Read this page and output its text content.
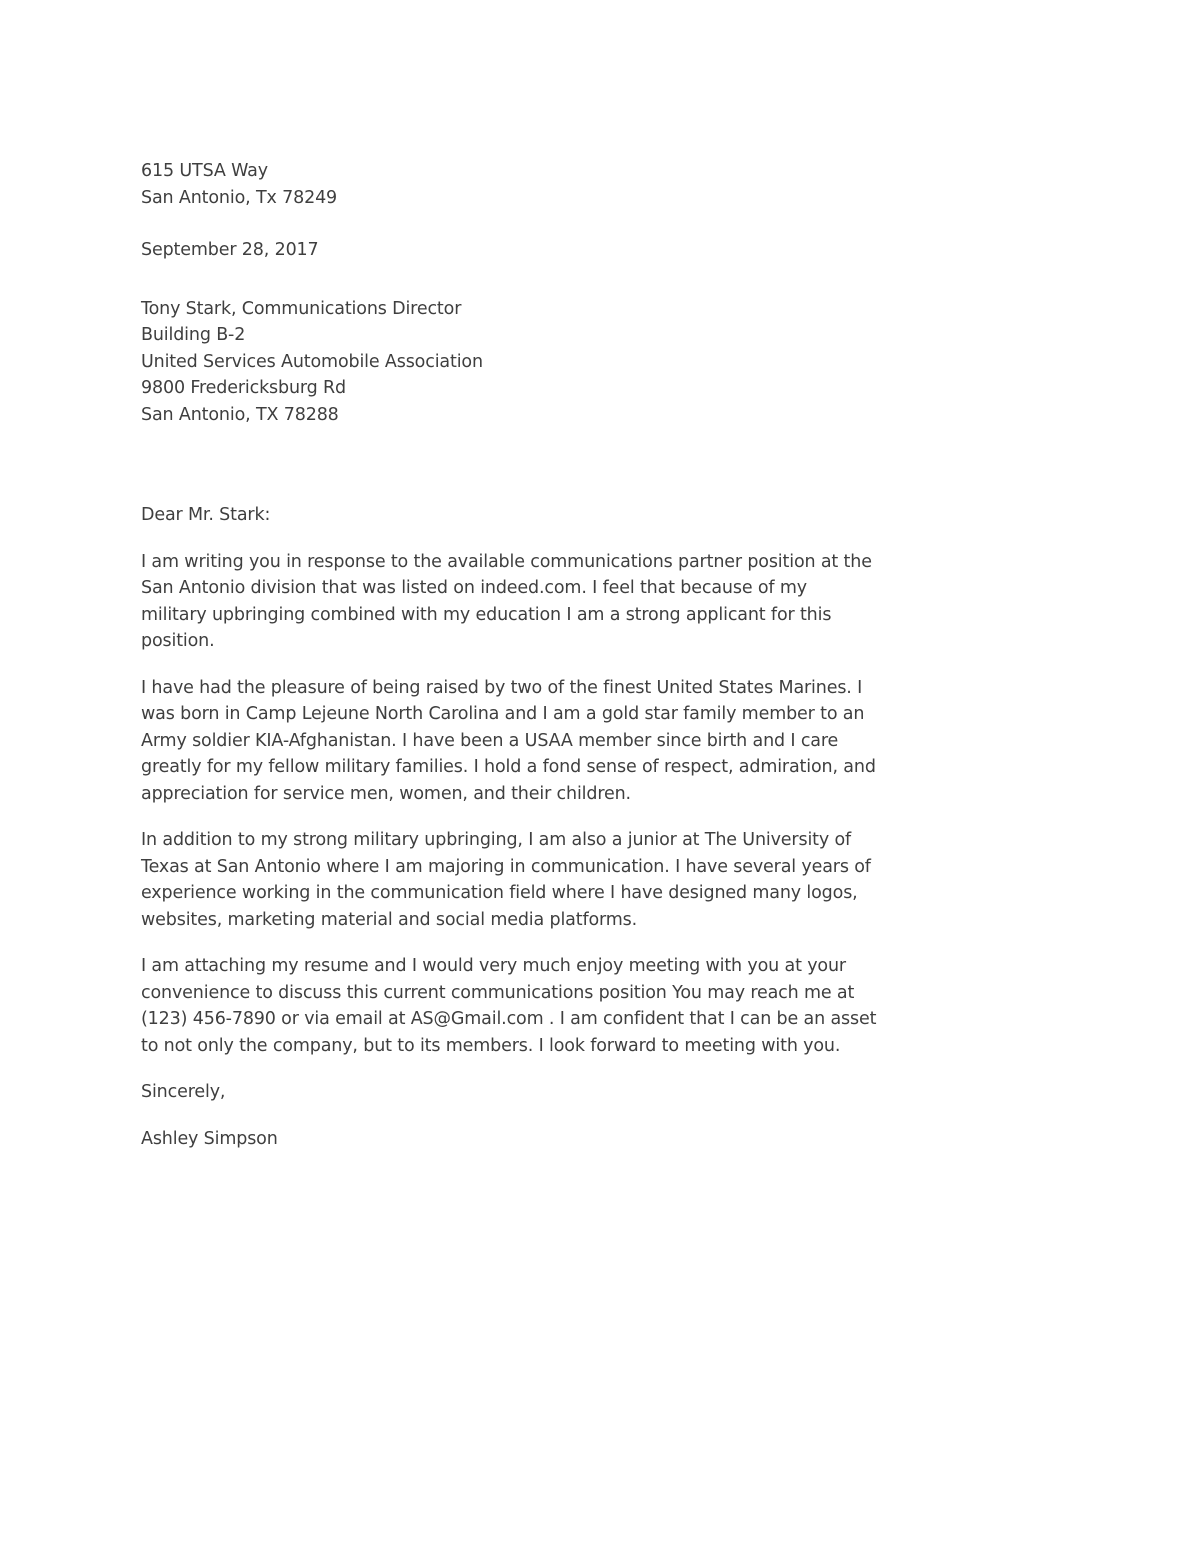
615 UTSA Way
San Antonio, Tx 78249
September 28, 2017
Tony Stark, Communications Director
Building B-2
United Services Automobile Association
9800 Fredericksburg Rd
San Antonio, TX 78288
Dear Mr. Stark:
I am writing you in response to the available communications partner position at the
San Antonio division that was listed on indeed.com. I feel that because of my
military upbringing combined with my education I am a strong applicant for this
position.
I have had the pleasure of being raised by two of the finest United States Marines. I
was born in Camp Lejeune North Carolina and I am a gold star family member to an
Army soldier KIA-Afghanistan. I have been a USAA member since birth and I care
greatly for my fellow military families. I hold a fond sense of respect, admiration, and
appreciation for service men, women, and their children.
In addition to my strong military upbringing, I am also a junior at The University of
Texas at San Antonio where I am majoring in communication. I have several years of
experience working in the communication field where I have designed many logos,
websites, marketing material and social media platforms.
I am attaching my resume and I would very much enjoy meeting with you at your
convenience to discuss this current communications position You may reach me at
(123) 456-7890 or via email at AS@Gmail.com . I am confident that I can be an asset
to not only the company, but to its members. I look forward to meeting with you.
Sincerely,
Ashley Simpson
